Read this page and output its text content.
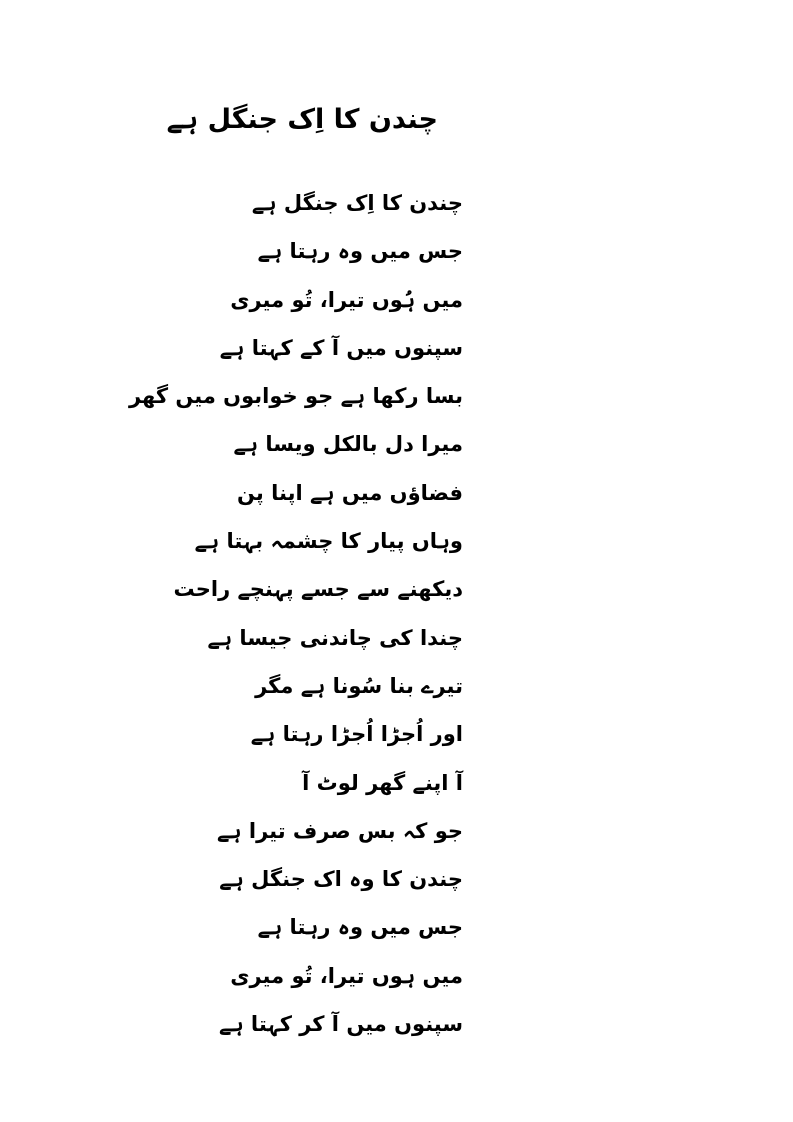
چندن کا اِک جنگل ہے
چندن کا اِک جنگل ہے
جس میں وہ رہتا ہے
میں ہُوں تیرا، تُو میری
سپنوں میں آ کے کہتا ہے
بسا رکھا ہے جو خوابوں میں گھر
میرا دل بالکل ویسا ہے
فضاؤں میں ہے اپنا پن
وہاں پیار کا چشمہ بہتا ہے
دیکھنے سے جسے پہنچے راحت
چندا کی چاندنی جیسا ہے
تیرے بنا سُونا ہے مگر
اور اُجڑا اُجڑا رہتا ہے
آ اپنے گھر لوٹ آ
جو کہ بس صرف تیرا ہے
چندن کا وہ اک جنگل ہے
جس میں وہ رہتا ہے
میں ہوں تیرا، تُو میری
سپنوں میں آ کر کہتا ہے
